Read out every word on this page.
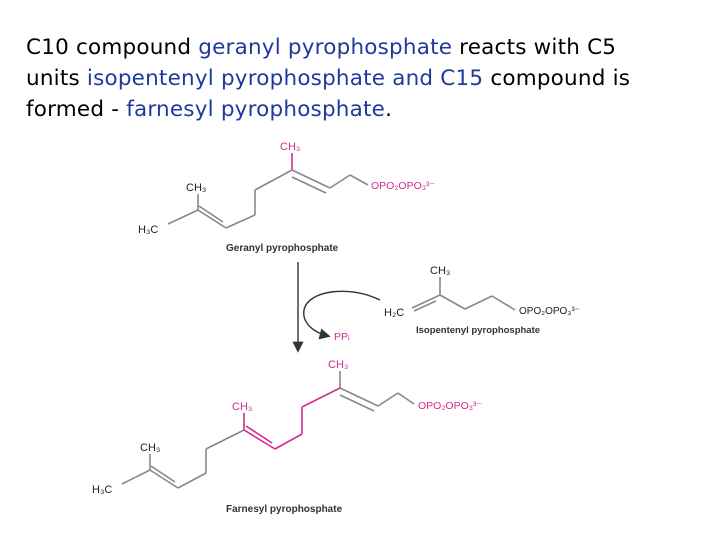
C10 compound geranyl pyrophosphate reacts with C5
units isopentenyl pyrophosphate and C15 compound is
formed - farnesyl pyrophosphate.
CH₃
OPO₂OPO₃³⁻
CH₃
H₃C
Geranyl pyrophosphate
PPᵢ
CH₃
H₂C	OPO₂OPO₃³⁻
Isopentenyl pyrophosphate
CH₃
OPO₂OPO₃³⁻
CH₃
CH₃
H₃C
Farnesyl pyrophosphate
